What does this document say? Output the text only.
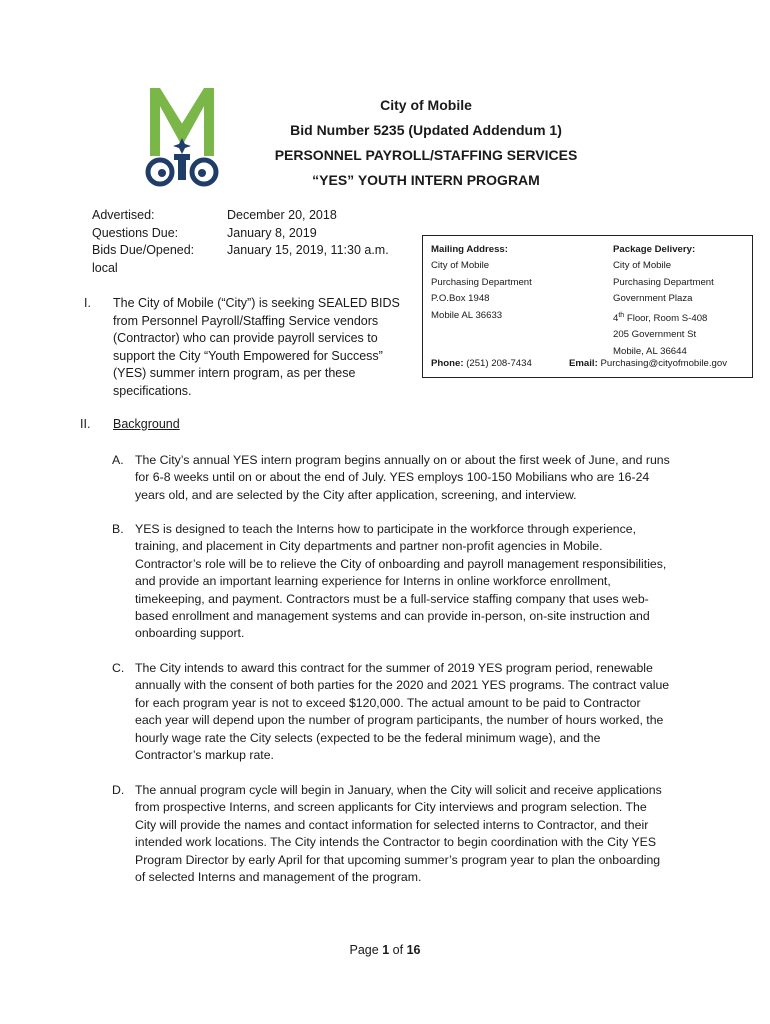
City of Mobile
Bid Number 5235 (Updated Addendum 1)
PERSONNEL PAYROLL/STAFFING SERVICES
“YES” YOUTH INTERN PROGRAM
Advertised:	December 20, 2018
Questions Due:	January 8, 2019
Bids Due/Opened:	January 15, 2019, 11:30 a.m.
local
Mailing Address:
City of Mobile
Purchasing Department
P.O.Box 1948
Mobile AL 36633
Package Delivery:
City of Mobile
Purchasing Department
Government Plaza
4th Floor, Room S-408
205 Government St
Mobile, AL 36644
Phone: (251) 208-7434	Email: Purchasing@cityofmobile.gov
I. The City of Mobile (“City”) is seeking SEALED BIDS from Personnel Payroll/Staffing Service vendors (Contractor) who can provide payroll services to support the City “Youth Empowered for Success” (YES) summer intern program, as per these specifications.
II. Background
A. The City’s annual YES intern program begins annually on or about the first week of June, and runs for 6-8 weeks until on or about the end of July. YES employs 100-150 Mobilians who are 16-24 years old, and are selected by the City after application, screening, and interview.
B. YES is designed to teach the Interns how to participate in the workforce through experience, training, and placement in City departments and partner non-profit agencies in Mobile. Contractor’s role will be to relieve the City of onboarding and payroll management responsibilities, and provide an important learning experience for Interns in online workforce enrollment, timekeeping, and payment. Contractors must be a full-service staffing company that uses web-based enrollment and management systems and can provide in-person, on-site instruction and onboarding support.
C. The City intends to award this contract for the summer of 2019 YES program period, renewable annually with the consent of both parties for the 2020 and 2021 YES programs. The contract value for each program year is not to exceed $120,000. The actual amount to be paid to Contractor each year will depend upon the number of program participants, the number of hours worked, the hourly wage rate the City selects (expected to be the federal minimum wage), and the Contractor’s markup rate.
D. The annual program cycle will begin in January, when the City will solicit and receive applications from prospective Interns, and screen applicants for City interviews and program selection. The City will provide the names and contact information for selected interns to Contractor, and their intended work locations. The City intends the Contractor to begin coordination with the City YES Program Director by early April for that upcoming summer’s program year to plan the onboarding of selected Interns and management of the program.
Page 1 of 16
